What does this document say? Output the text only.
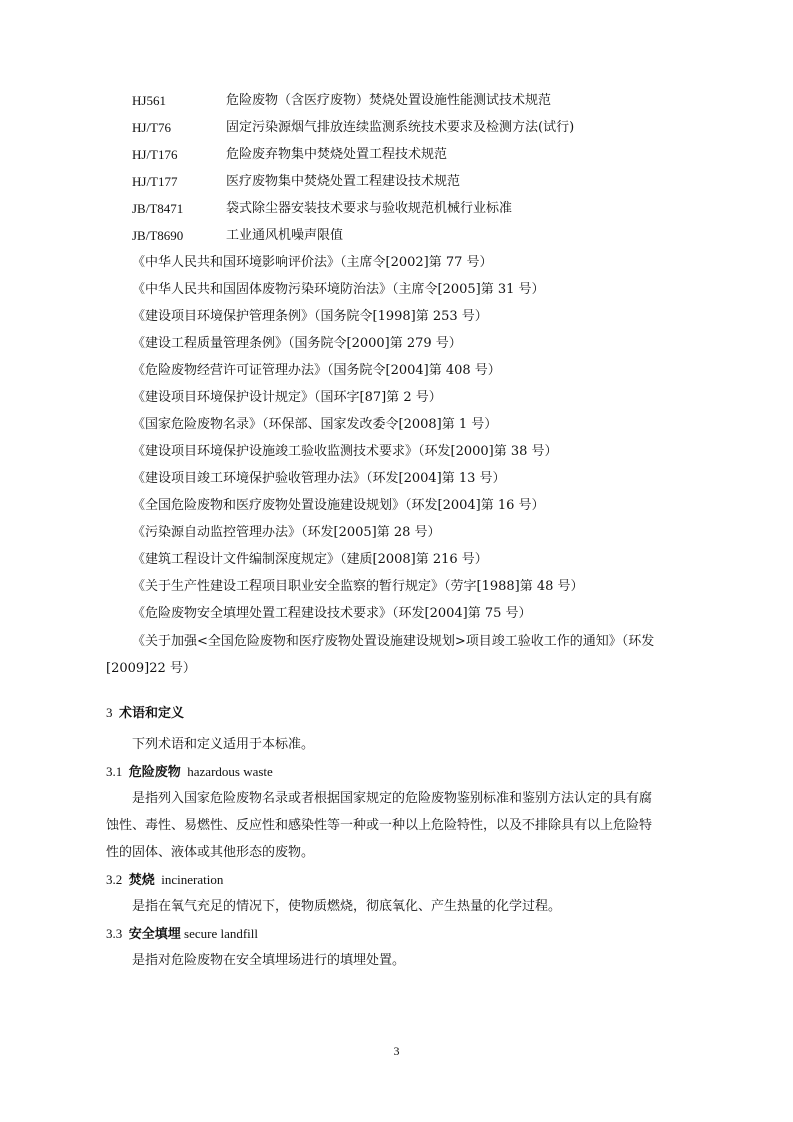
HJ561	危险废物（含医疗废物）焚烧处置设施性能测试技术规范
HJ/T76	固定污染源烟气排放连续监测系统技术要求及检测方法(试行)
HJ/T176	危险废弃物集中焚烧处置工程技术规范
HJ/T177	医疗废物集中焚烧处置工程建设技术规范
JB/T8471	袋式除尘器安装技术要求与验收规范机械行业标准
JB/T8690	工业通风机噪声限值
《中华人民共和国环境影响评价法》（主席令[2002]第 77 号）
《中华人民共和国固体废物污染环境防治法》（主席令[2005]第 31 号）
《建设项目环境保护管理条例》（国务院令[1998]第 253 号）
《建设工程质量管理条例》（国务院令[2000]第 279 号）
《危险废物经营许可证管理办法》（国务院令[2004]第 408 号）
《建设项目环境保护设计规定》（国环字[87]第 2 号）
《国家危险废物名录》（环保部、国家发改委令[2008]第 1 号）
《建设项目环境保护设施竣工验收监测技术要求》（环发[2000]第 38 号）
《建设项目竣工环境保护验收管理办法》（环发[2004]第 13 号）
《全国危险废物和医疗废物处置设施建设规划》（环发[2004]第 16 号）
《污染源自动监控管理办法》（环发[2005]第 28 号）
《建筑工程设计文件编制深度规定》（建质[2008]第 216 号）
《关于生产性建设工程项目职业安全监察的暂行规定》（劳字[1988]第 48 号）
《危险废物安全填埋处置工程建设技术要求》（环发[2004]第 75 号）
《关于加强<全国危险废物和医疗废物处置设施建设规划>项目竣工验收工作的通知》（环发
[2009]22 号）
3 术语和定义
下列术语和定义适用于本标准。
3.1 危险废物 hazardous waste
是指列入国家危险废物名录或者根据国家规定的危险废物鉴别标准和鉴别方法认定的具有腐
蚀性、毒性、易燃性、反应性和感染性等一种或一种以上危险特性，以及不排除具有以上危险特
性的固体、液体或其他形态的废物。
3.2 焚烧 incineration
是指在氧气充足的情况下，使物质燃烧，彻底氧化、产生热量的化学过程。
3.3 安全填埋 secure landfill
是指对危险废物在安全填埋场进行的填埋处置。
3
